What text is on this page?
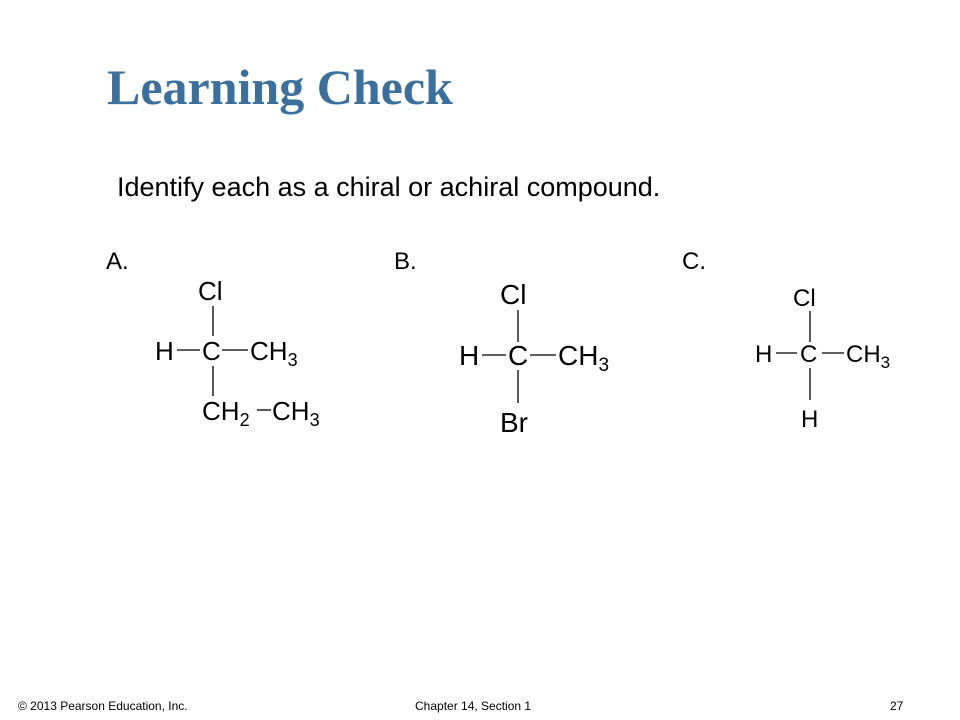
Learning Check
Identify each as a chiral or achiral compound.
A.	B.	C.
Cl
H C $CH_3$
$CH_2$ $CH_3$
Cl
H C $CH_3$
Br
Cl
H C $CH_3$
H
© 2013 Pearson Education, Inc.	Chapter 14, Section 1	27
